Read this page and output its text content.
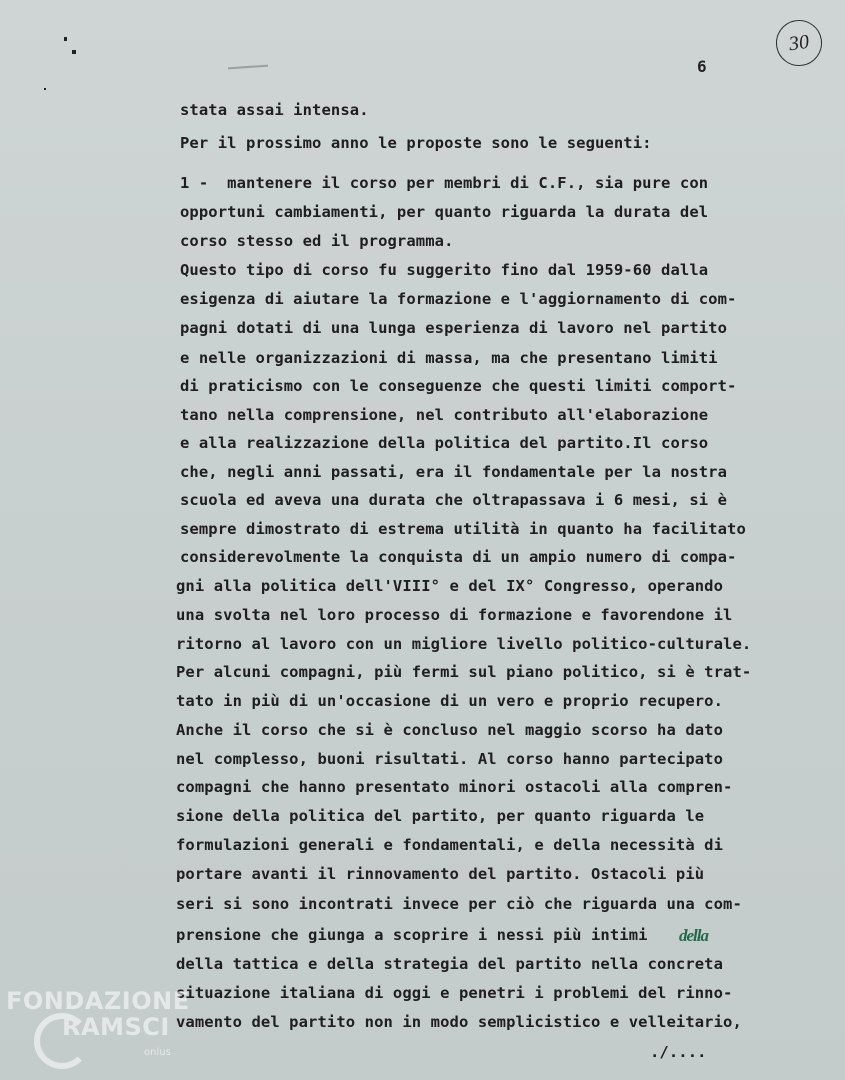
6
30
stata assai intensa.
Per il prossimo anno le proposte sono le seguenti:
1 -  mantenere il corso per membri di C.F., sia pure con
opportuni cambiamenti, per quanto riguarda la durata del
corso stesso ed il programma.
Questo tipo di corso fu suggerito fino dal 1959-60 dalla
esigenza di aiutare la formazione e l'aggiornamento di com-
pagni dotati di una lunga esperienza di lavoro nel partito
e nelle organizzazioni di massa, ma che presentano limiti
di praticismo con le conseguenze che questi limiti comport-
tano nella comprensione, nel contributo all'elaborazione
e alla realizzazione della politica del partito.Il corso
che, negli anni passati, era il fondamentale per la nostra
scuola ed aveva una durata che oltrapassava i 6 mesi, si è
sempre dimostrato di estrema utilità in quanto ha facilitato
considerevolmente la conquista di un ampio numero di compa-
gni alla politica dell'VIII° e del IX° Congresso, operando
una svolta nel loro processo di formazione e favorendone il
ritorno al lavoro con un migliore livello politico-culturale.
Per alcuni compagni, più fermi sul piano politico, si è trat-
tato in più di un'occasione di un vero e proprio recupero.
Anche il corso che si è concluso nel maggio scorso ha dato
nel complesso, buoni risultati. Al corso hanno partecipato
compagni che hanno presentato minori ostacoli alla compren-
sione della politica del partito, per quanto riguarda le
formulazioni generali e fondamentali, e della necessità di
portare avanti il rinnovamento del partito. Ostacoli più
seri si sono incontrati invece per ciò che riguarda una com-
prensione che giunga a scoprire i nessi più intimi
della tattica e della strategia del partito nella concreta
situazione italiana di oggi e penetri i problemi del rinno-
vamento del partito non in modo semplicistico e velleitario,
./....
della
FONDAZIONE
RAMSCI
onlus
